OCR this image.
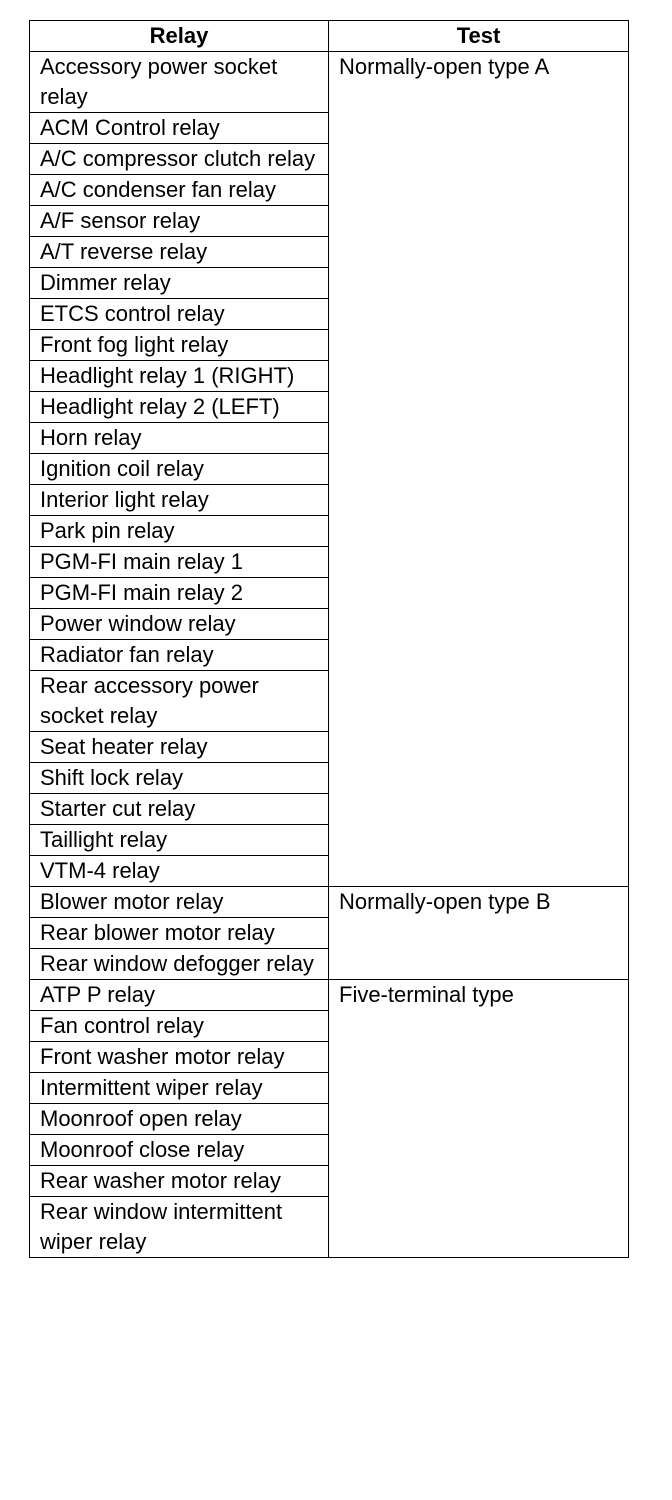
Relay	Test
Accessory power socket relay	Normally-open type A
ACM Control relay	
A/C compressor clutch relay	
A/C condenser fan relay	
A/F sensor relay	
A/T reverse relay	
Dimmer relay	
ETCS control relay	
Front fog light relay	
Headlight relay 1 (RIGHT)	
Headlight relay 2 (LEFT)	
Horn relay	
Ignition coil relay	
Interior light relay	
Park pin relay	
PGM-FI main relay 1	
PGM-FI main relay 2	
Power window relay	
Radiator fan relay	
Rear accessory power socket relay	
Seat heater relay	
Shift lock relay	
Starter cut relay	
Taillight relay	
VTM-4 relay	
Blower motor relay	Normally-open type B
Rear blower motor relay	
Rear window defogger relay	
ATP P relay	Five-terminal type
Fan control relay	
Front washer motor relay	
Intermittent wiper relay	
Moonroof open relay	
Moonroof close relay	
Rear washer motor relay	
Rear window intermittent wiper relay	
